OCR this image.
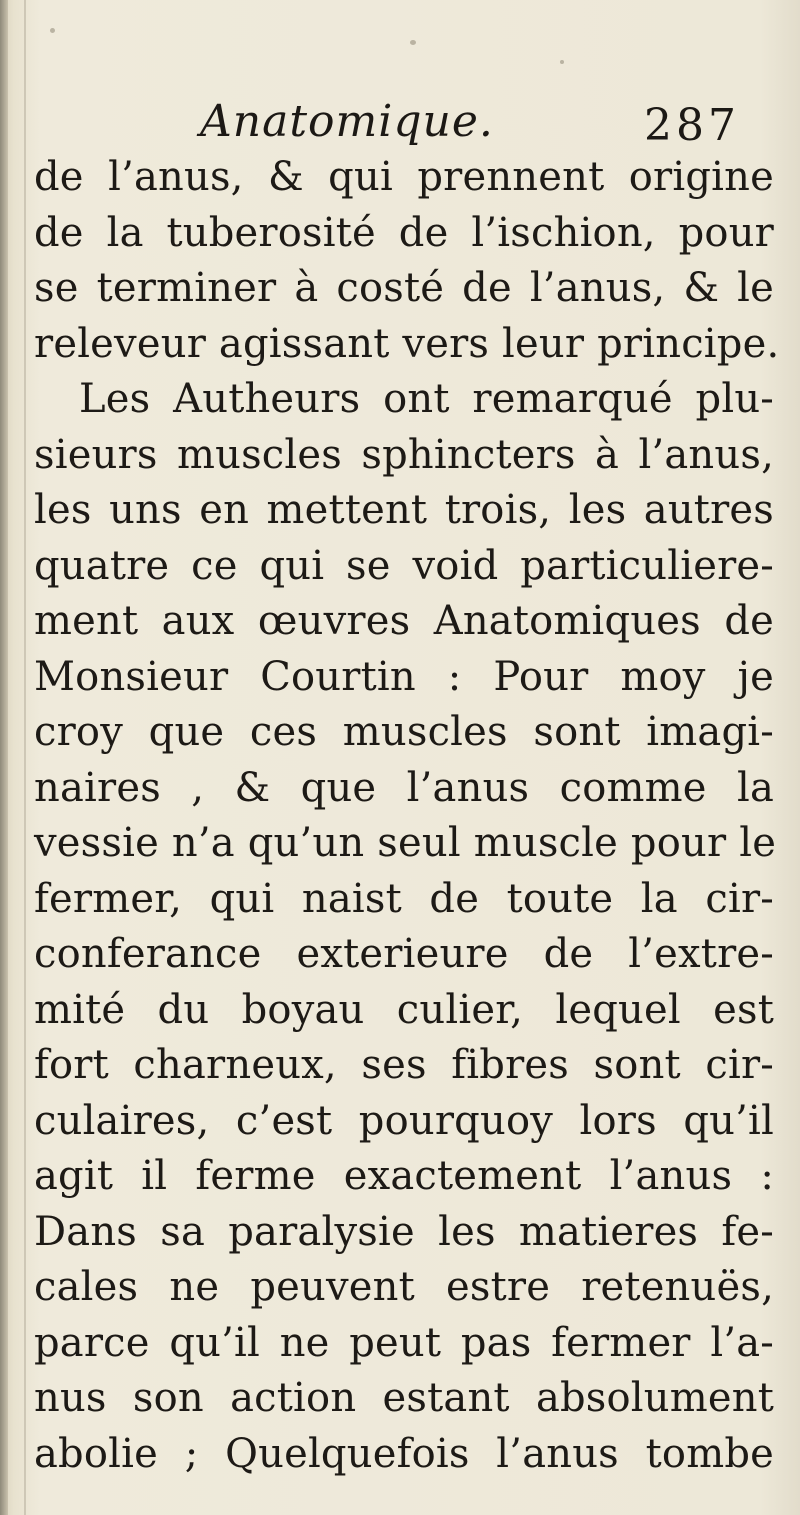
Anatomique.	287
de l’anus, & qui prennent origine
de la tuberosité de l’ischion, pour
se terminer à costé de l’anus, & le
releveur agissant vers leur principe.
Les Autheurs ont remarqué plu-
sieurs muscles sphincters à l’anus,
les uns en mettent trois, les autres
quatre ce qui se void particuliere-
ment aux œuvres Anatomiques de
Monsieur Courtin : Pour moy je
croy que ces muscles sont imagi-
naires , & que l’anus comme la
vessie n’a qu’un seul muscle pour le
fermer, qui naist de toute la cir-
conferance exterieure de l’extre-
mité du boyau culier, lequel est
fort charneux, ses fibres sont cir-
culaires, c’est pourquoy lors qu’il
agit il ferme exactement l’anus :
Dans sa paralysie les matieres fe-
cales ne peuvent estre retenuës,
parce qu’il ne peut pas fermer l’a-
nus son action estant absolument
abolie ; Quelquefois l’anus tombe
